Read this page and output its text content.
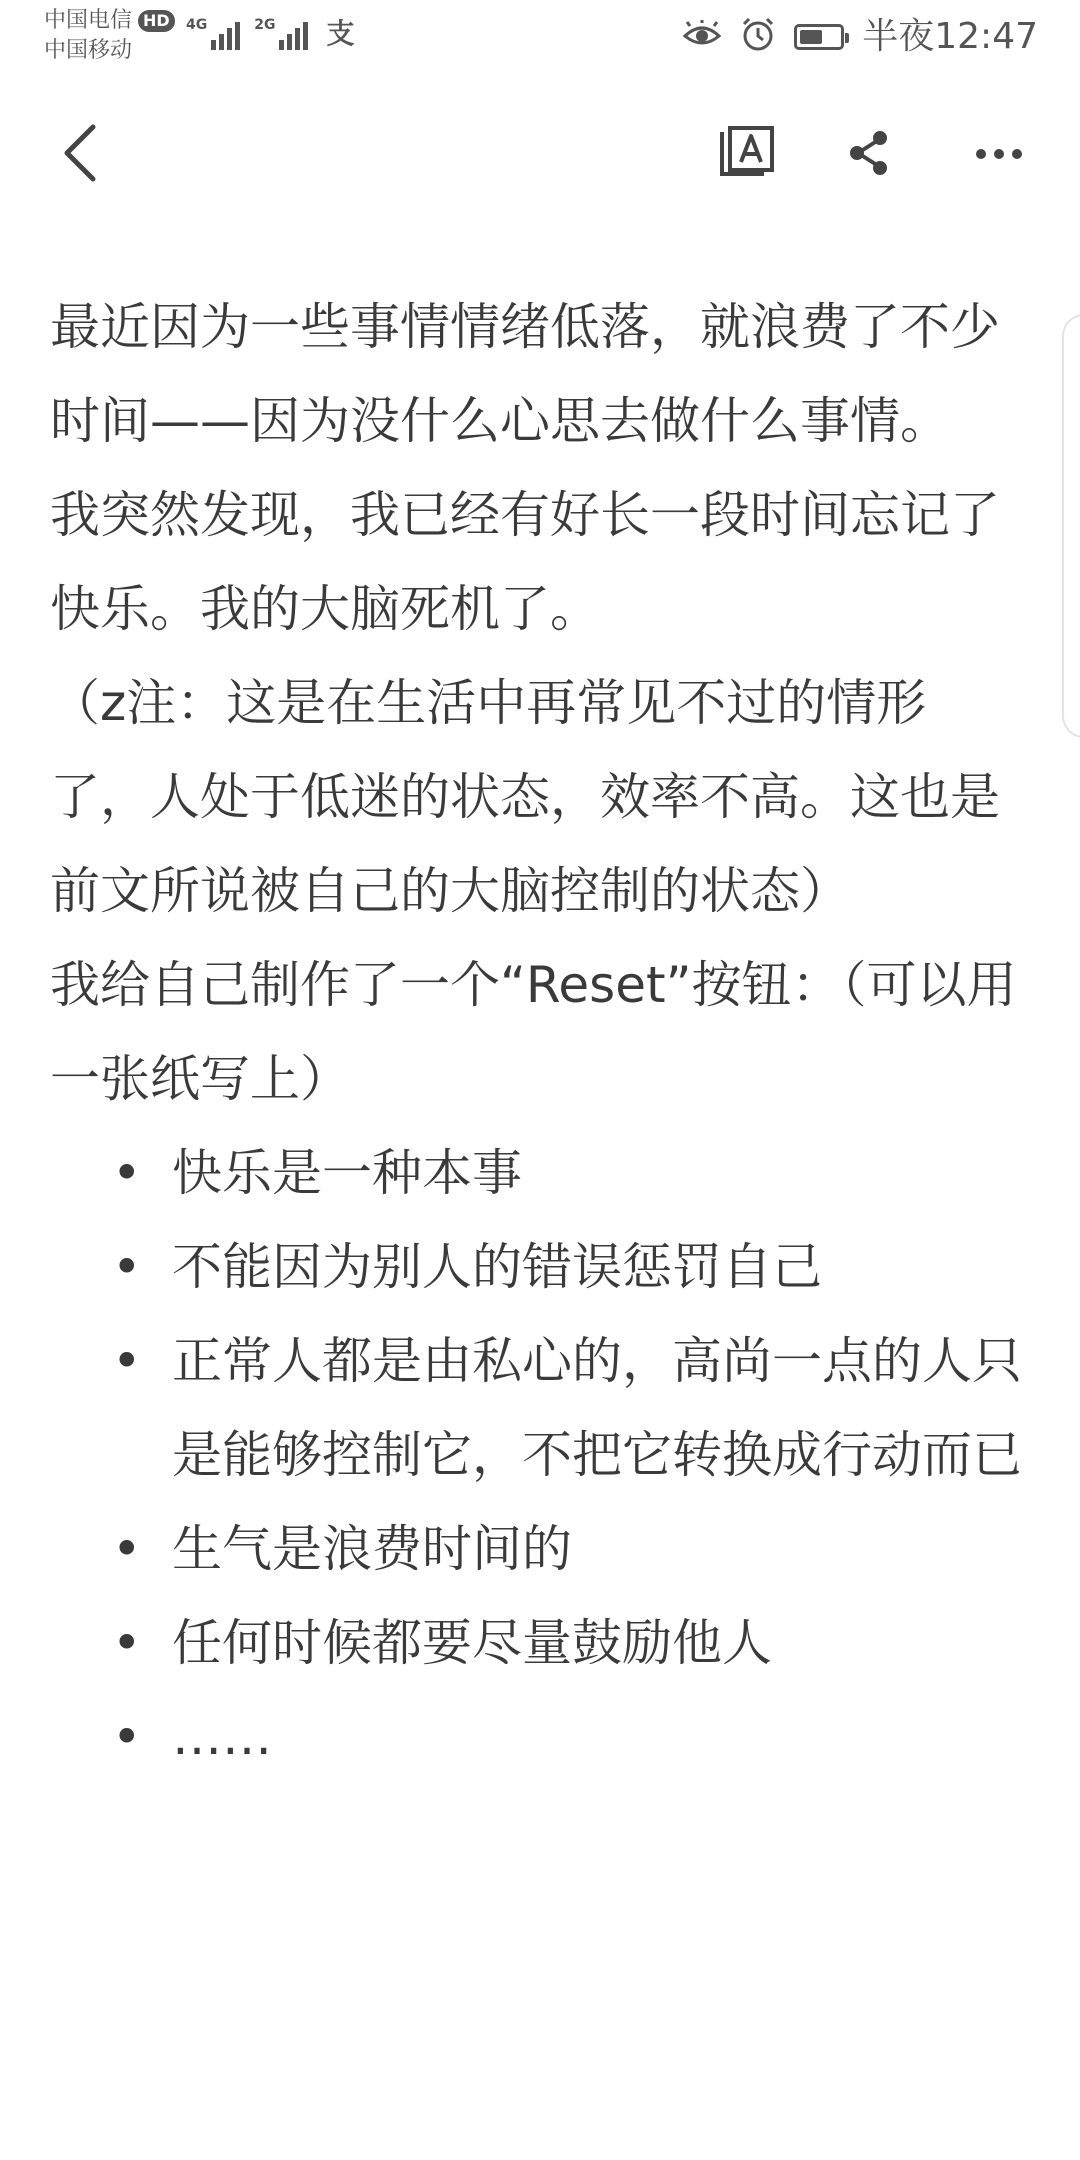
中国电信 HD
中国移动
4G	2G 支	半夜12:47

最近因为一些事情情绪低落，就浪费了不少时间——因为没什么心思去做什么事情。

我突然发现，我已经有好长一段时间忘记了快乐。我的大脑死机了。

（z注：这是在生活中再常见不过的情形了，人处于低迷的状态，效率不高。这也是前文所说被自己的大脑控制的状态）

我给自己制作了一个“Reset”按钮：（可以用一张纸写上）

• 快乐是一种本事
• 不能因为别人的错误惩罚自己
• 正常人都是由私心的，高尚一点的人只是能够控制它，不把它转换成行动而已
• 生气是浪费时间的
• 任何时候都要尽量鼓励他人
• ……
